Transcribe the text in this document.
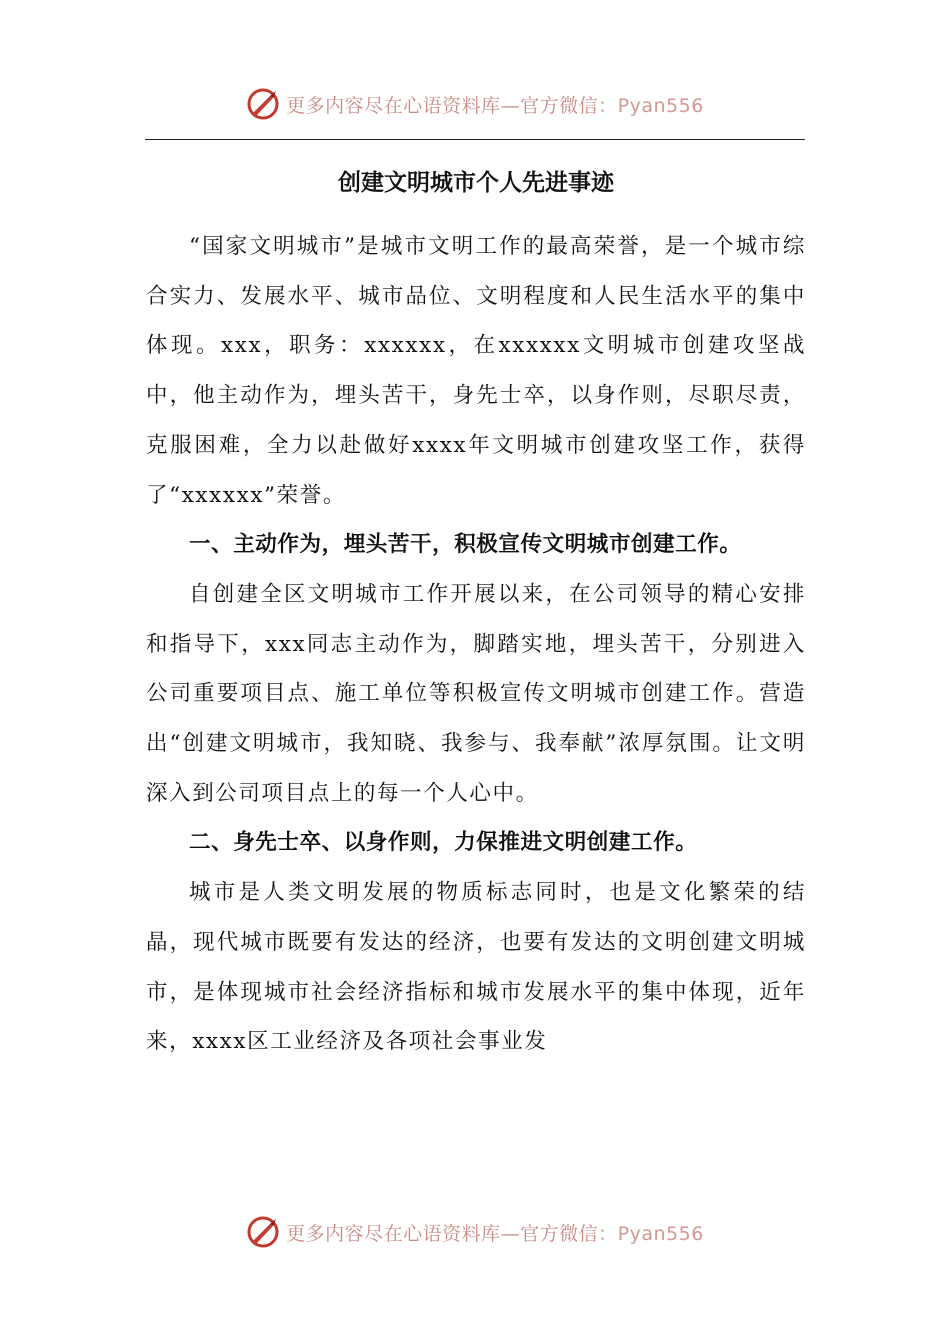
更多内容尽在心语资料库—官方微信：Pyan556
创建文明城市个人先进事迹

“国家文明城市”是城市文明工作的最高荣誉，是一个城市综合实力、发展水平、城市品位、文明程度和人民生活水平的集中体现。xxx，职务：xxxxxx，在xxxxxx文明城市创建攻坚战中，他主动作为，埋头苦干，身先士卒，以身作则，尽职尽责，克服困难，全力以赴做好xxxx年文明城市创建攻坚工作，获得了“xxxxxx”荣誉。

一、主动作为，埋头苦干，积极宣传文明城市创建工作。

自创建全区文明城市工作开展以来，在公司领导的精心安排和指导下，xxx同志主动作为，脚踏实地，埋头苦干，分别进入公司重要项目点、施工单位等积极宣传文明城市创建工作。营造出“创建文明城市，我知晓、我参与、我奉献”浓厚氛围。让文明深入到公司项目点上的每一个人心中。

二、身先士卒、以身作则，力保推进文明创建工作。

城市是人类文明发展的物质标志同时，也是文化繁荣的结晶，现代城市既要有发达的经济，也要有发达的文明创建文明城市，是体现城市社会经济指标和城市发展水平的集中体现，近年来，xxxx区工业经济及各项社会事业发

更多内容尽在心语资料库—官方微信：Pyan556
